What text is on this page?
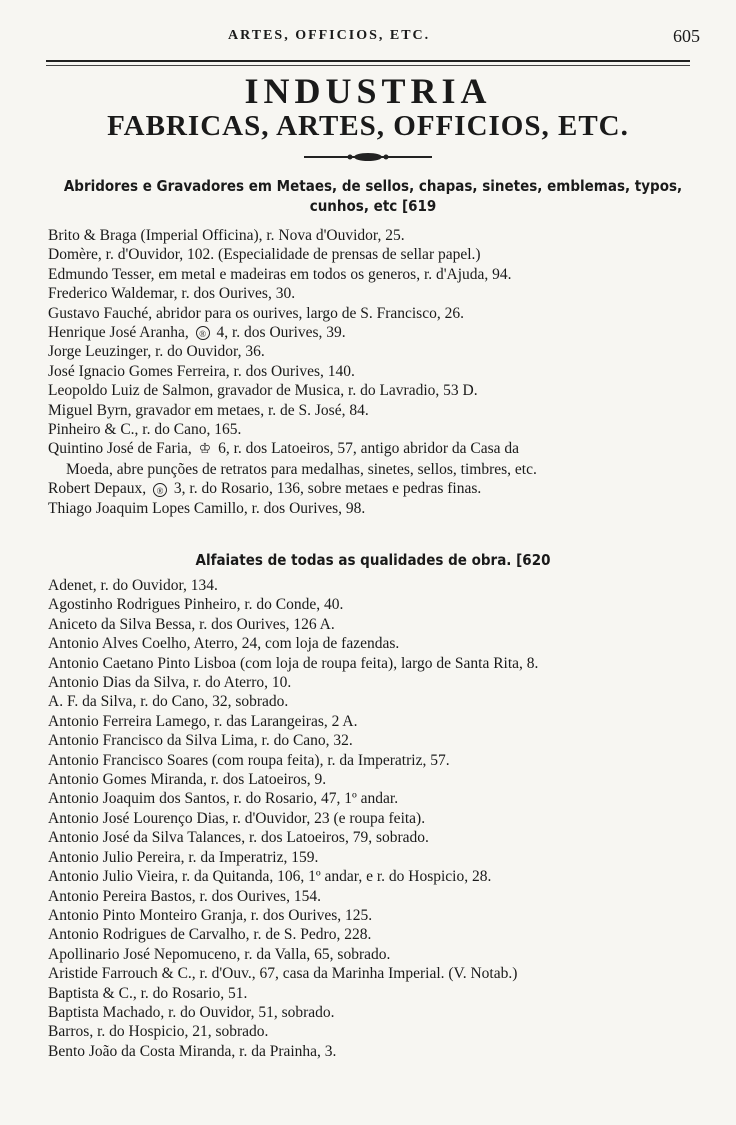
ARTES, OFFICIOS, ETC.	605
INDUSTRIA
FABRICAS, ARTES, OFFICIOS, ETC.
Abridores e Gravadores em Metaes, de sellos, chapas, sinetes, emblemas, typos,
cunhos, etc [619
Brito & Braga (Imperial Officina), r. Nova d'Ouvidor, 25.
Domère, r. d'Ouvidor, 102. (Especialidade de prensas de sellar papel.)
Edmundo Tesser, em metal e madeiras em todos os generos, r. d'Ajuda, 94.
Frederico Waldemar, r. dos Ourives, 30.
Gustavo Fauché, abridor para os ourives, largo de S. Francisco, 26.
Henrique José Aranha, ® 4, r. dos Ourives, 39.
Jorge Leuzinger, r. do Ouvidor, 36.
José Ignacio Gomes Ferreira, r. dos Ourives, 140.
Leopoldo Luiz de Salmon, gravador de Musica, r. do Lavradio, 53 D.
Miguel Byrn, gravador em metaes, r. de S. José, 84.
Pinheiro & C., r. do Cano, 165.
Quintino José de Faria, ♔ 6, r. dos Latoeiros, 57, antigo abridor da Casa da
Moeda, abre punções de retratos para medalhas, sinetes, sellos, timbres, etc.
Robert Depaux, ® 3, r. do Rosario, 136, sobre metaes e pedras finas.
Thiago Joaquim Lopes Camillo, r. dos Ourives, 98.
Alfaiates de todas as qualidades de obra. [620
Adenet, r. do Ouvidor, 134.
Agostinho Rodrigues Pinheiro, r. do Conde, 40.
Aniceto da Silva Bessa, r. dos Ourives, 126 A.
Antonio Alves Coelho, Aterro, 24, com loja de fazendas.
Antonio Caetano Pinto Lisboa (com loja de roupa feita), largo de Santa Rita, 8.
Antonio Dias da Silva, r. do Aterro, 10.
A. F. da Silva, r. do Cano, 32, sobrado.
Antonio Ferreira Lamego, r. das Larangeiras, 2 A.
Antonio Francisco da Silva Lima, r. do Cano, 32.
Antonio Francisco Soares (com roupa feita), r. da Imperatriz, 57.
Antonio Gomes Miranda, r. dos Latoeiros, 9.
Antonio Joaquim dos Santos, r. do Rosario, 47, 1º andar.
Antonio José Lourenço Dias, r. d'Ouvidor, 23 (e roupa feita).
Antonio José da Silva Talances, r. dos Latoeiros, 79, sobrado.
Antonio Julio Pereira, r. da Imperatriz, 159.
Antonio Julio Vieira, r. da Quitanda, 106, 1º andar, e r. do Hospicio, 28.
Antonio Pereira Bastos, r. dos Ourives, 154.
Antonio Pinto Monteiro Granja, r. dos Ourives, 125.
Antonio Rodrigues de Carvalho, r. de S. Pedro, 228.
Apollinario José Nepomuceno, r. da Valla, 65, sobrado.
Aristide Farrouch & C., r. d'Ouv., 67, casa da Marinha Imperial. (V. Notab.)
Baptista & C., r. do Rosario, 51.
Baptista Machado, r. do Ouvidor, 51, sobrado.
Barros, r. do Hospicio, 21, sobrado.
Bento João da Costa Miranda, r. da Prainha, 3.
